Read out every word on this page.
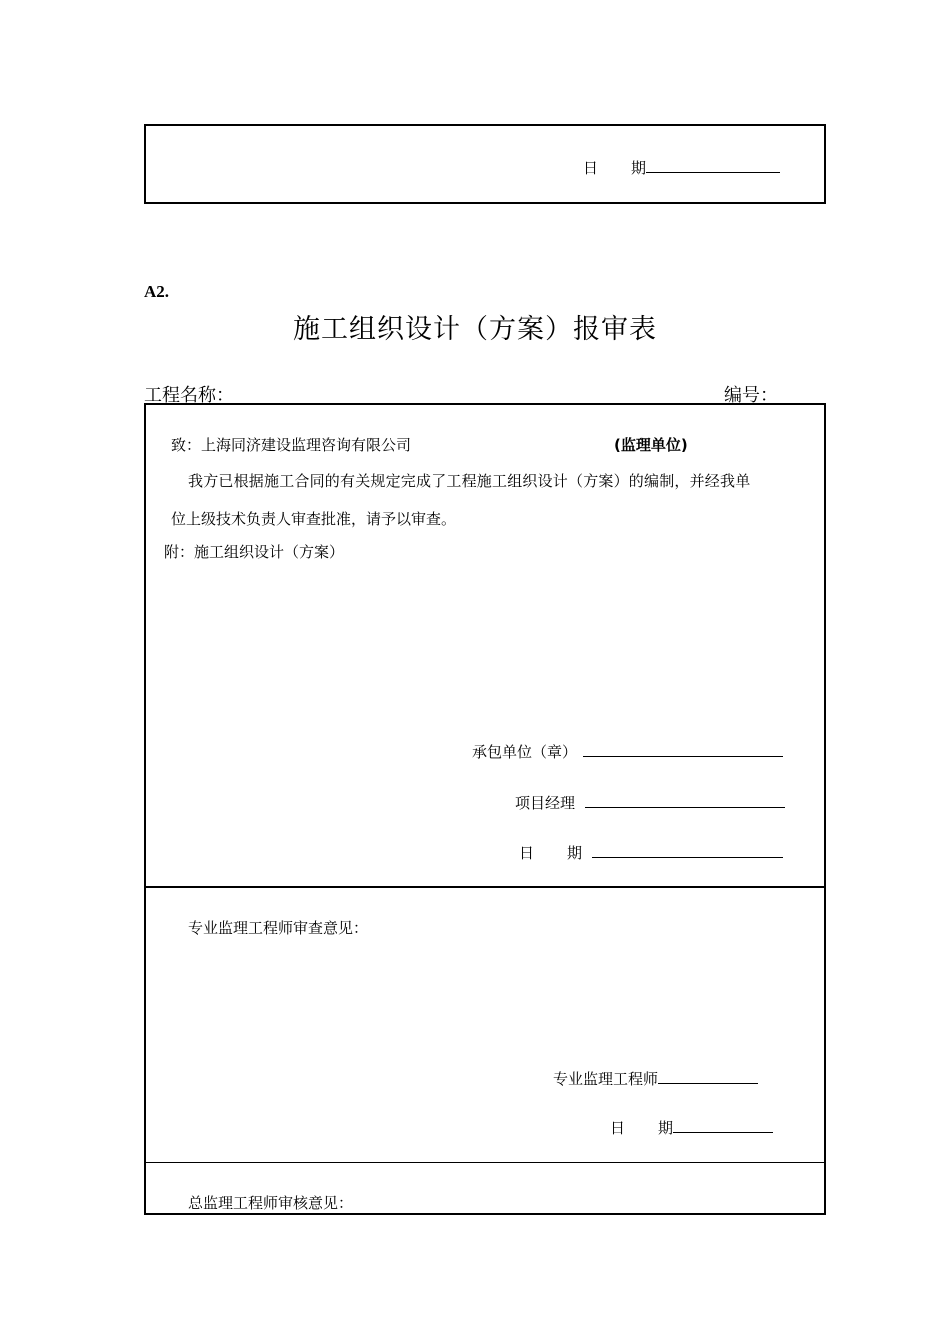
日 期
A2.
施工组织设计（方案）报审表
工程名称：	编号：
致：上海同济建设监理咨询有限公司	(监理单位)
我方已根据施工合同的有关规定完成了工程施工组织设计（方案）的编制，并经我单
位上级技术负责人审查批准，请予以审查。
附：施工组织设计（方案）
承包单位（章）
项目经理
日 期
专业监理工程师审查意见：
专业监理工程师
日 期
总监理工程师审核意见：
